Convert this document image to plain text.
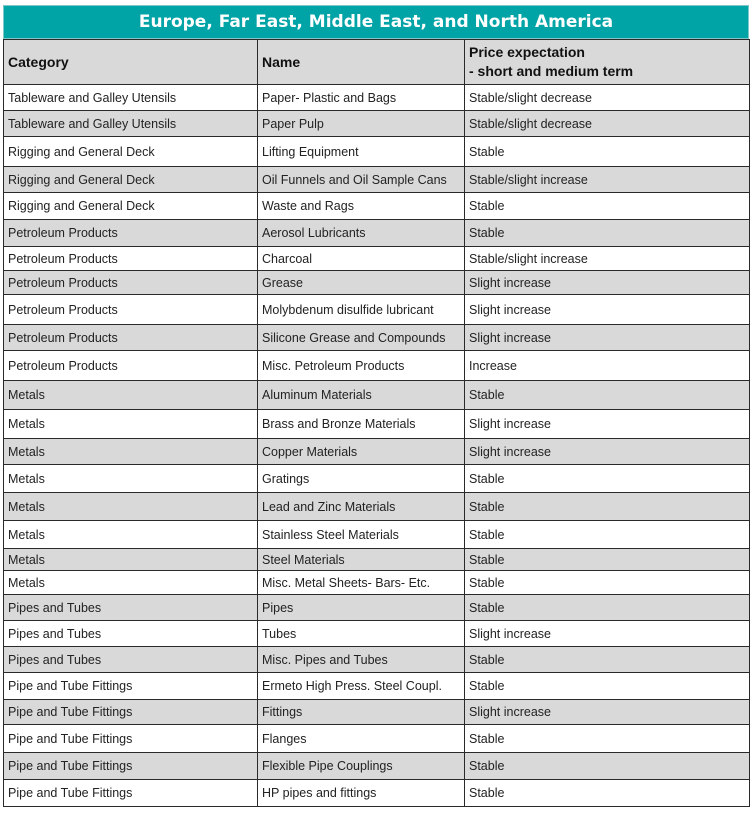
Europe, Far East, Middle East, and North America
Category	Name	Price expectation
- short and medium term

Tableware and Galley Utensils	Paper- Plastic and Bags	Stable/slight decrease
Tableware and Galley Utensils	Paper Pulp	Stable/slight decrease
Rigging and General Deck	Lifting Equipment	Stable
Rigging and General Deck	Oil Funnels and Oil Sample Cans	Stable/slight increase
Rigging and General Deck	Waste and Rags	Stable
Petroleum Products	Aerosol Lubricants	Stable
Petroleum Products	Charcoal	Stable/slight increase
Petroleum Products	Grease	Slight increase
Petroleum Products	Molybdenum disulfide lubricant	Slight increase
Petroleum Products	Silicone Grease and Compounds	Slight increase
Petroleum Products	Misc. Petroleum Products	Increase
Metals	Aluminum Materials	Stable
Metals	Brass and Bronze Materials	Slight increase
Metals	Copper Materials	Slight increase
Metals	Gratings	Stable
Metals	Lead and Zinc Materials	Stable
Metals	Stainless Steel Materials	Stable
Metals	Steel Materials	Stable
Metals	Misc. Metal Sheets- Bars- Etc.	Stable
Pipes and Tubes	Pipes	Stable
Pipes and Tubes	Tubes	Slight increase
Pipes and Tubes	Misc. Pipes and Tubes	Stable
Pipe and Tube Fittings	Ermeto High Press. Steel Coupl.	Stable
Pipe and Tube Fittings	Fittings	Slight increase
Pipe and Tube Fittings	Flanges	Stable
Pipe and Tube Fittings	Flexible Pipe Couplings	Stable
Pipe and Tube Fittings	HP pipes and fittings	Stable
